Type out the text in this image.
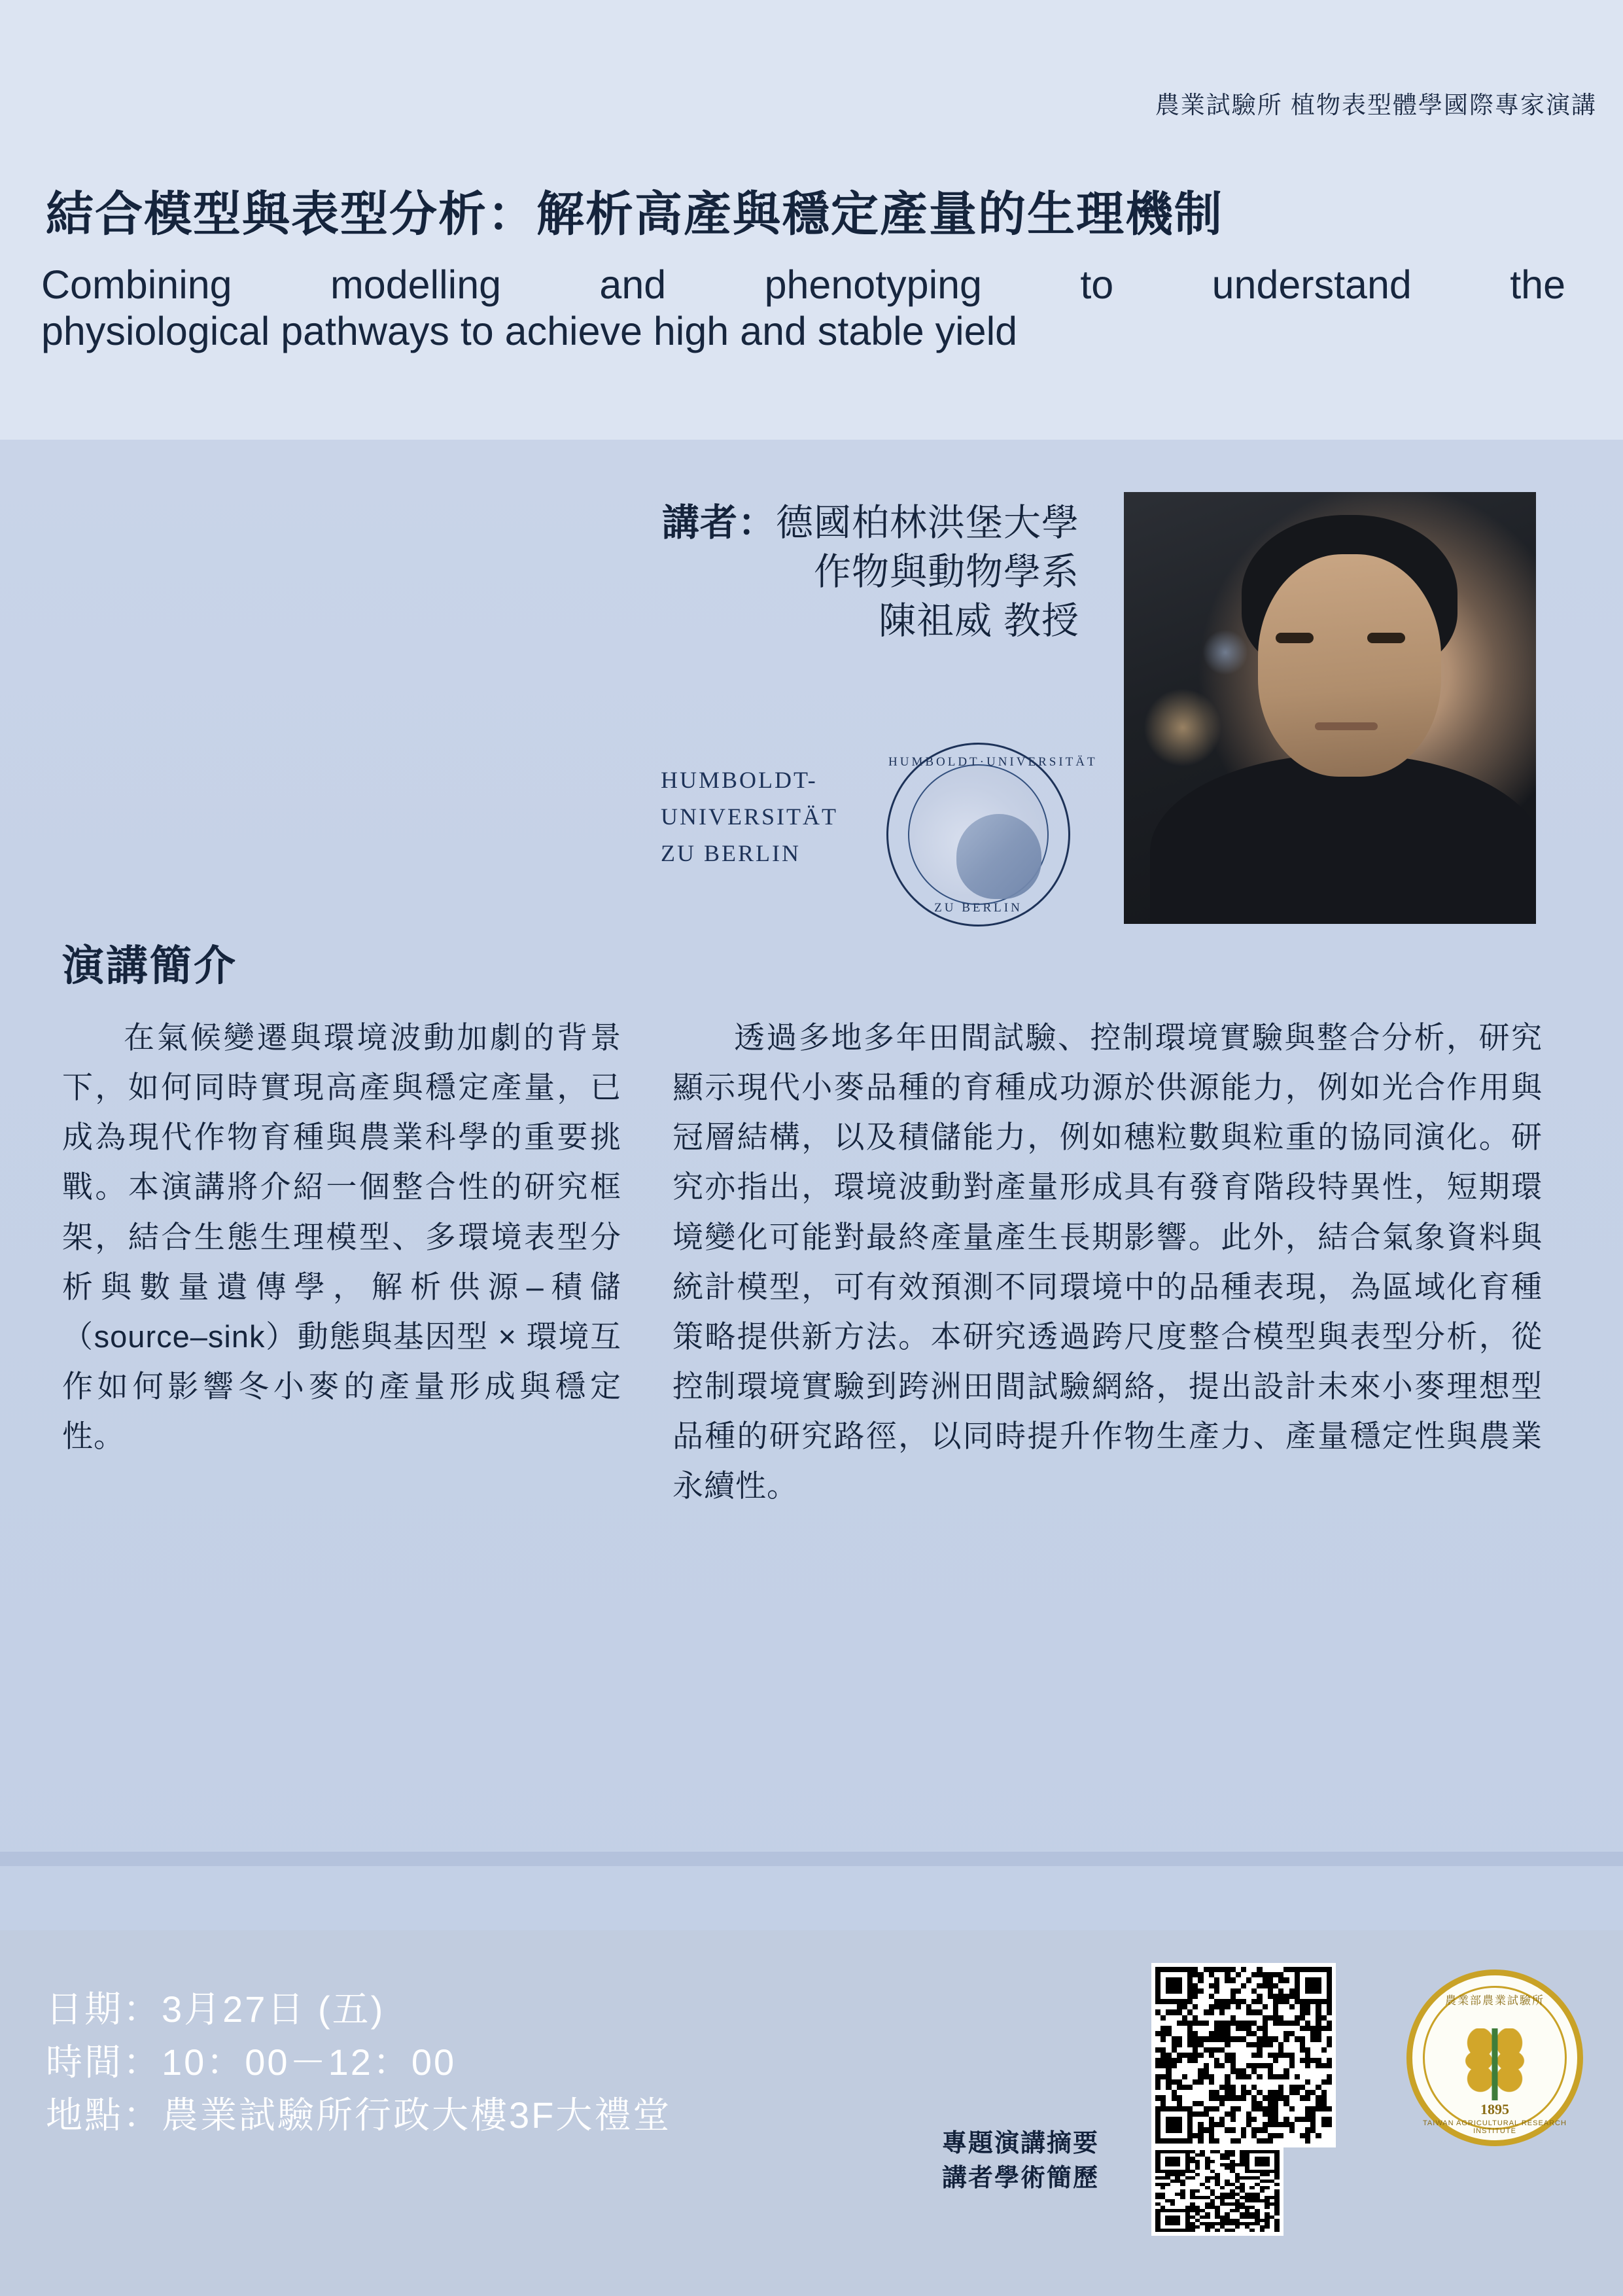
農業試驗所 植物表型體學國際專家演講
結合模型與表型分析：解析高產與穩定產量的生理機制
Combining modelling and phenotyping to understand the
physiological pathways to achieve high and stable yield
講者：德國柏林洪堡大學
作物與動物學系
陳祖威 教授
HUMBOLDT-
UNIVERSITÄT
ZU BERLIN
HUMBOLDT·UNIVERSITÄT
ZU BERLIN
演講簡介

在氣候變遷與環境波動加劇的背景下，如何同時實現高產與穩定產量，已成為現代作物育種與農業科學的重要挑戰。本演講將介紹一個整合性的研究框架，結合生態生理模型、多環境表型分析與數量遺傳學，解析供源–積儲（source–sink）動態與基因型 × 環境互作如何影響冬小麥的產量形成與穩定性。

透過多地多年田間試驗、控制環境實驗與整合分析，研究顯示現代小麥品種的育種成功源於供源能力，例如光合作用與冠層結構，以及積儲能力，例如穗粒數與粒重的協同演化。研究亦指出，環境波動對產量形成具有發育階段特異性，短期環境變化可能對最終產量產生長期影響。此外，結合氣象資料與統計模型，可有效預測不同環境中的品種表現，為區域化育種策略提供新方法。本研究透過跨尺度整合模型與表型分析，從控制環境實驗到跨洲田間試驗網絡，提出設計未來小麥理想型品種的研究路徑，以同時提升作物生產力、產量穩定性與農業永續性。

日期：3月27日 (五)
時間：10：00－12：00
地點：農業試驗所行政大樓3F大禮堂
專題演講摘要
講者學術簡歷
農業部農業試驗所
1895
TAIWAN AGRICULTURAL RESEARCH INSTITUTE
